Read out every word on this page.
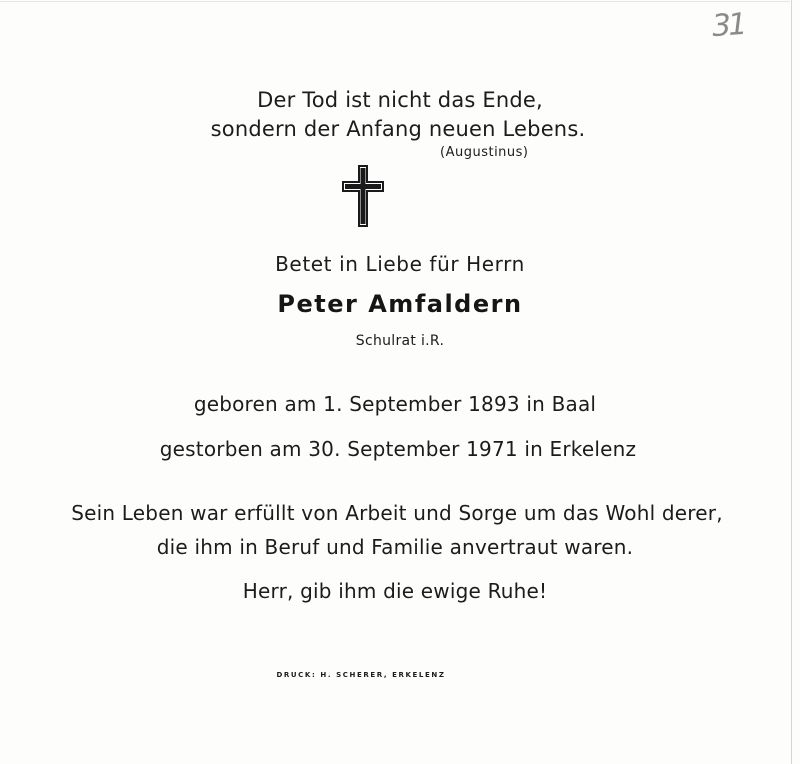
31
Der Tod ist nicht das Ende,
sondern der Anfang neuen Lebens.
(Augustinus)
Betet in Liebe für Herrn
Peter Amfaldern
Schulrat i.R.
geboren am 1. September 1893 in Baal
gestorben am 30. September 1971 in Erkelenz
Sein Leben war erfüllt von Arbeit und Sorge um das Wohl derer,
die ihm in Beruf und Familie anvertraut waren.
Herr, gib ihm die ewige Ruhe!
DRUCK: H. SCHERER, ERKELENZ
